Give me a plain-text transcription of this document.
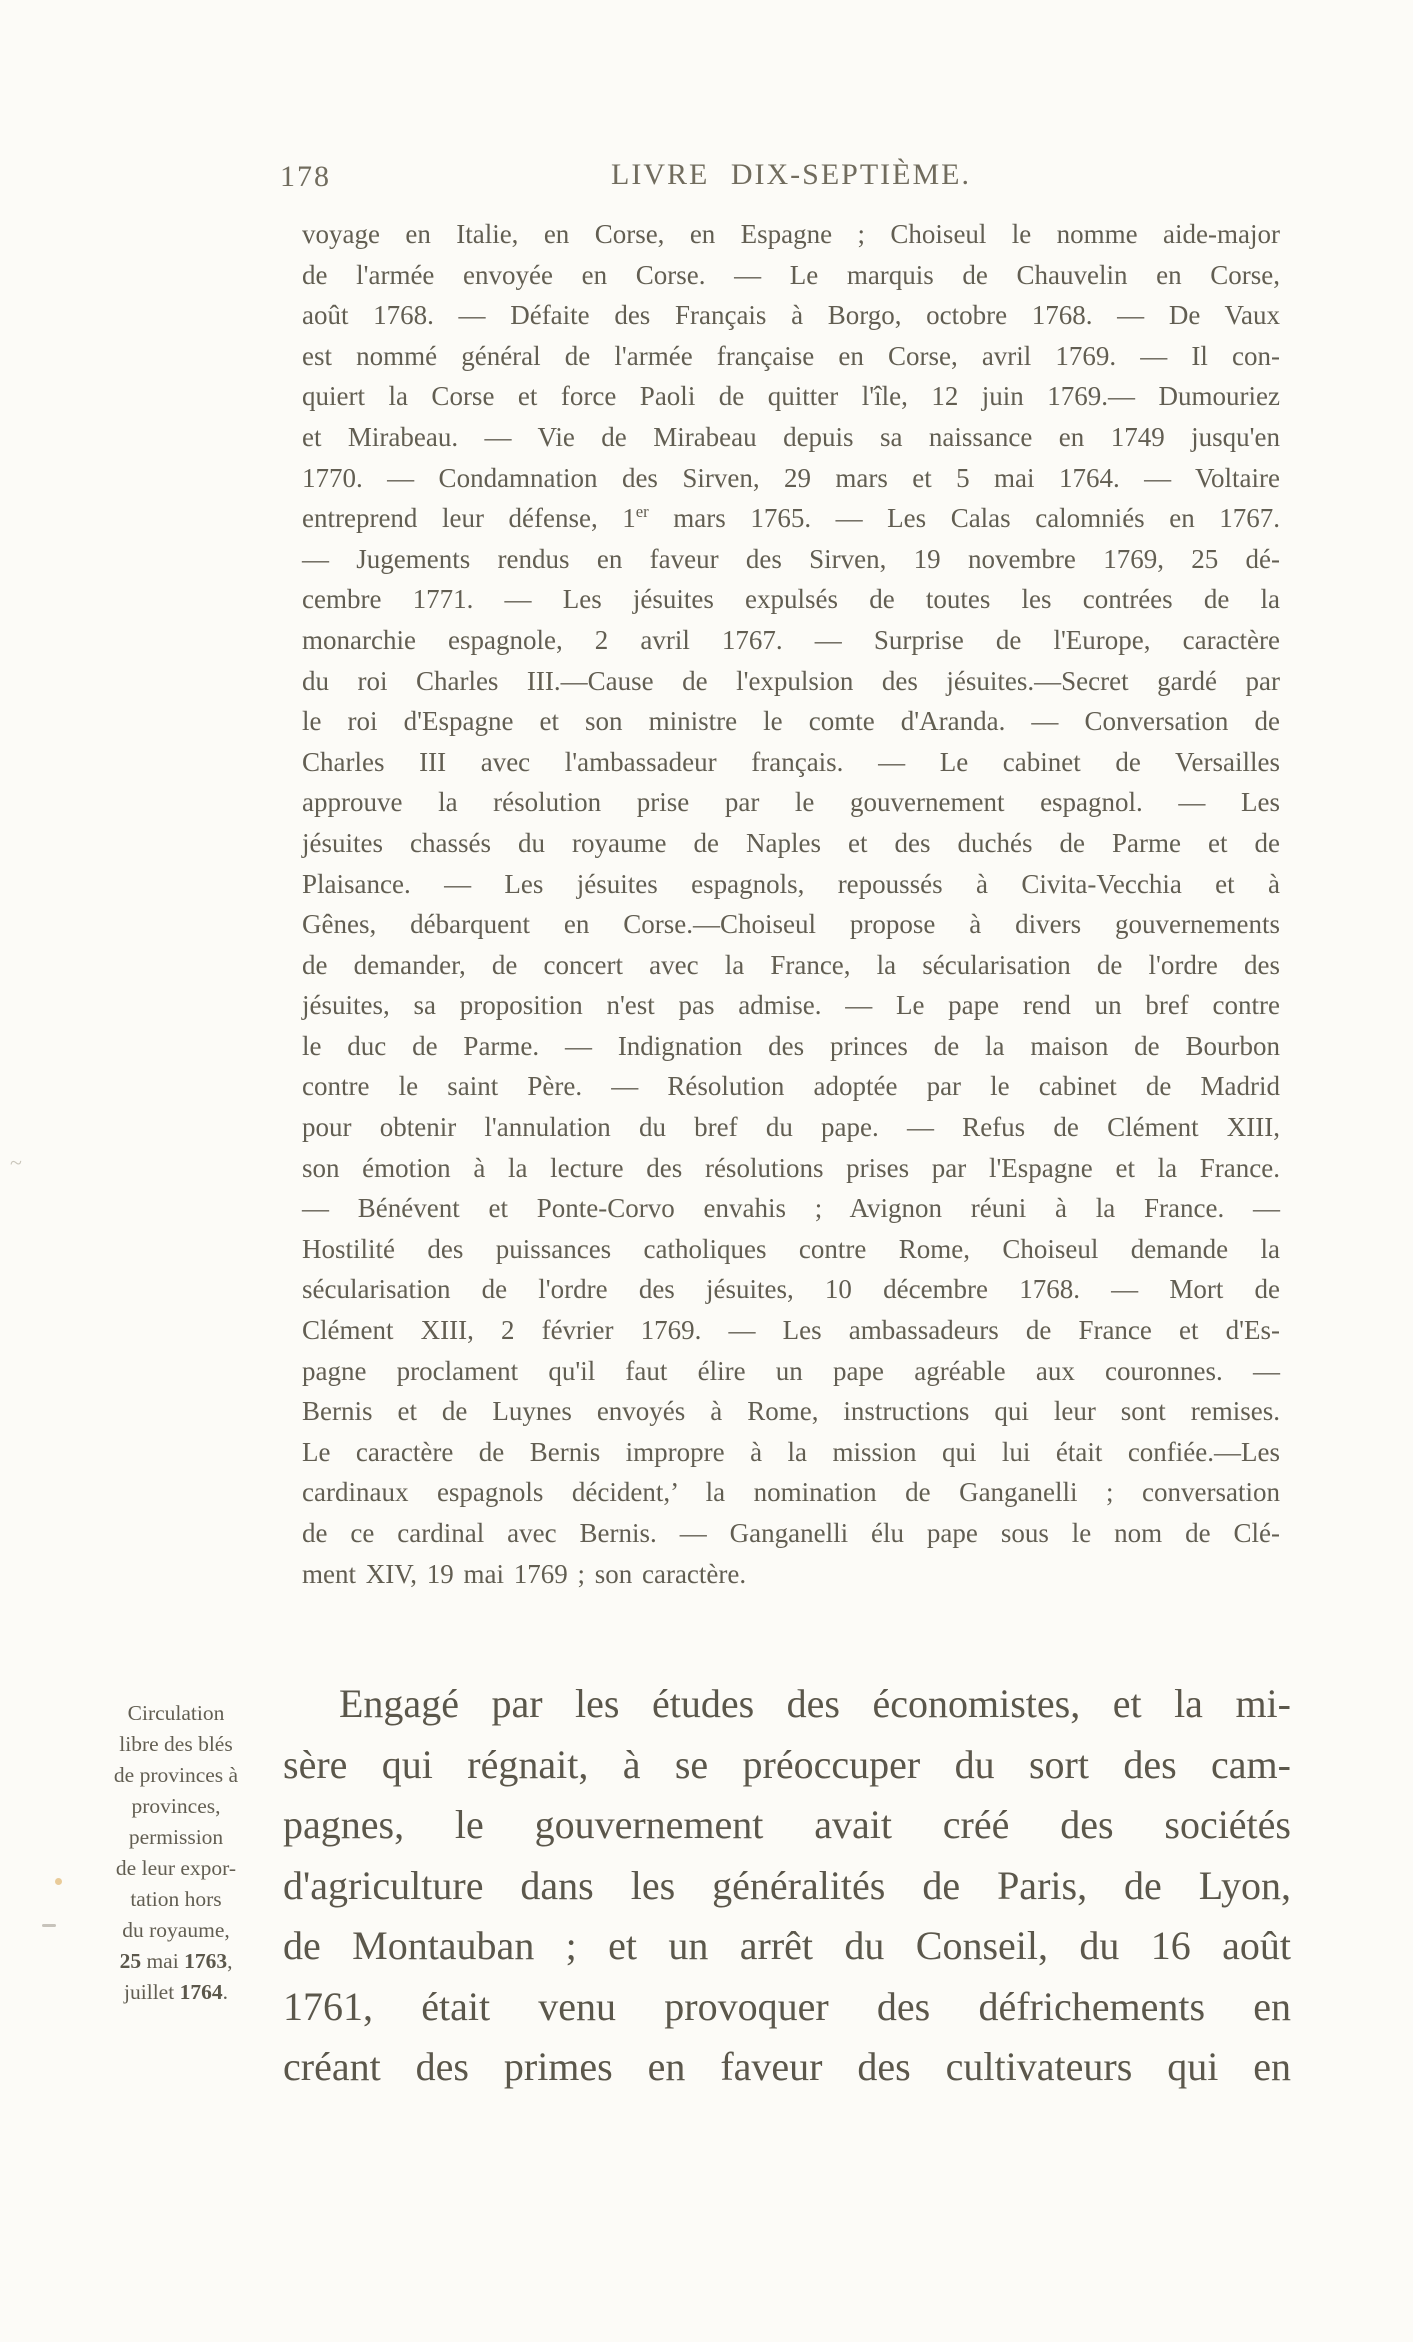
178	LIVRE DIX-SEPTIÈME.
voyage en Italie, en Corse, en Espagne ; Choiseul le nomme aide-major
de l'armée envoyée en Corse. — Le marquis de Chauvelin en Corse,
août 1768. — Défaite des Français à Borgo, octobre 1768. — De Vaux
est nommé général de l'armée française en Corse, avril 1769. — Il con-
quiert la Corse et force Paoli de quitter l'île, 12 juin 1769.— Dumouriez
et Mirabeau. — Vie de Mirabeau depuis sa naissance en 1749 jusqu'en
1770. — Condamnation des Sirven, 29 mars et 5 mai 1764. — Voltaire
entreprend leur défense, 1er mars 1765. — Les Calas calomniés en 1767.
— Jugements rendus en faveur des Sirven, 19 novembre 1769, 25 dé-
cembre 1771. — Les jésuites expulsés de toutes les contrées de la
monarchie espagnole, 2 avril 1767. — Surprise de l'Europe, caractère
du roi Charles III.—Cause de l'expulsion des jésuites.—Secret gardé par
le roi d'Espagne et son ministre le comte d'Aranda. — Conversation de
Charles III avec l'ambassadeur français. — Le cabinet de Versailles
approuve la résolution prise par le gouvernement espagnol. — Les
jésuites chassés du royaume de Naples et des duchés de Parme et de
Plaisance. — Les jésuites espagnols, repoussés à Civita-Vecchia et à
Gênes, débarquent en Corse.—Choiseul propose à divers gouvernements
de demander, de concert avec la France, la sécularisation de l'ordre des
jésuites, sa proposition n'est pas admise. — Le pape rend un bref contre
le duc de Parme. — Indignation des princes de la maison de Bourbon
contre le saint Père. — Résolution adoptée par le cabinet de Madrid
pour obtenir l'annulation du bref du pape. — Refus de Clément XIII,
son émotion à la lecture des résolutions prises par l'Espagne et la France.
— Bénévent et Ponte-Corvo envahis ; Avignon réuni à la France. —
Hostilité des puissances catholiques contre Rome, Choiseul demande la
sécularisation de l'ordre des jésuites, 10 décembre 1768. — Mort de
Clément XIII, 2 février 1769. — Les ambassadeurs de France et d'Es-
pagne proclament qu'il faut élire un pape agréable aux couronnes. —
Bernis et de Luynes envoyés à Rome, instructions qui leur sont remises.
Le caractère de Bernis impropre à la mission qui lui était confiée.—Les
cardinaux espagnols décident,’ la nomination de Ganganelli ; conversation
de ce cardinal avec Bernis. — Ganganelli élu pape sous le nom de Clé-
ment XIV, 19 mai 1769 ; son caractère.
Circulation
libre des blés
de provinces à
provinces,
permission
de leur expor-
tation hors
du royaume,
25 mai 1763,
juillet 1764.
Engagé par les études des économistes, et la mi-
sère qui régnait, à se préoccuper du sort des cam-
pagnes, le gouvernement avait créé des sociétés
d'agriculture dans les généralités de Paris, de Lyon,
de Montauban ; et un arrêt du Conseil, du 16 août
1761, était venu provoquer des défrichements en
créant des primes en faveur des cultivateurs qui en
~
